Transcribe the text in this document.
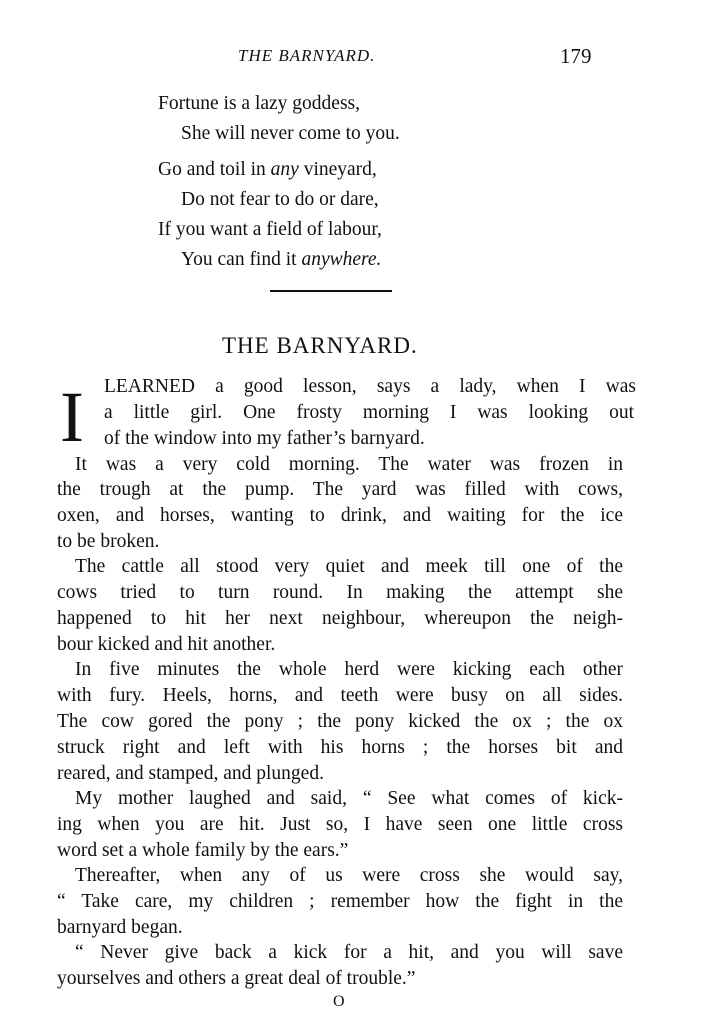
THE BARNYARD.	179
Fortune is a lazy goddess,
She will never come to you.
Go and toil in any vineyard,
Do not fear to do or dare,
If you want a field of labour,
You can find it anywhere.
THE BARNYARD.
I LEARNED a good lesson, says a lady, when I was
a little girl. One frosty morning I was looking out
of the window into my father’s barnyard.
It was a very cold morning. The water was frozen in
the trough at the pump. The yard was filled with cows,
oxen, and horses, wanting to drink, and waiting for the ice
to be broken.
The cattle all stood very quiet and meek till one of the
cows tried to turn round. In making the attempt she
happened to hit her next neighbour, whereupon the neigh-
bour kicked and hit another.
In five minutes the whole herd were kicking each other
with fury. Heels, horns, and teeth were busy on all sides.
The cow gored the pony ; the pony kicked the ox ; the ox
struck right and left with his horns ; the horses bit and
reared, and stamped, and plunged.
My mother laughed and said, “ See what comes of kick-
ing when you are hit. Just so, I have seen one little cross
word set a whole family by the ears.”
Thereafter, when any of us were cross she would say,
“ Take care, my children ; remember how the fight in the
barnyard began.
“ Never give back a kick for a hit, and you will save
yourselves and others a great deal of trouble.”
O
